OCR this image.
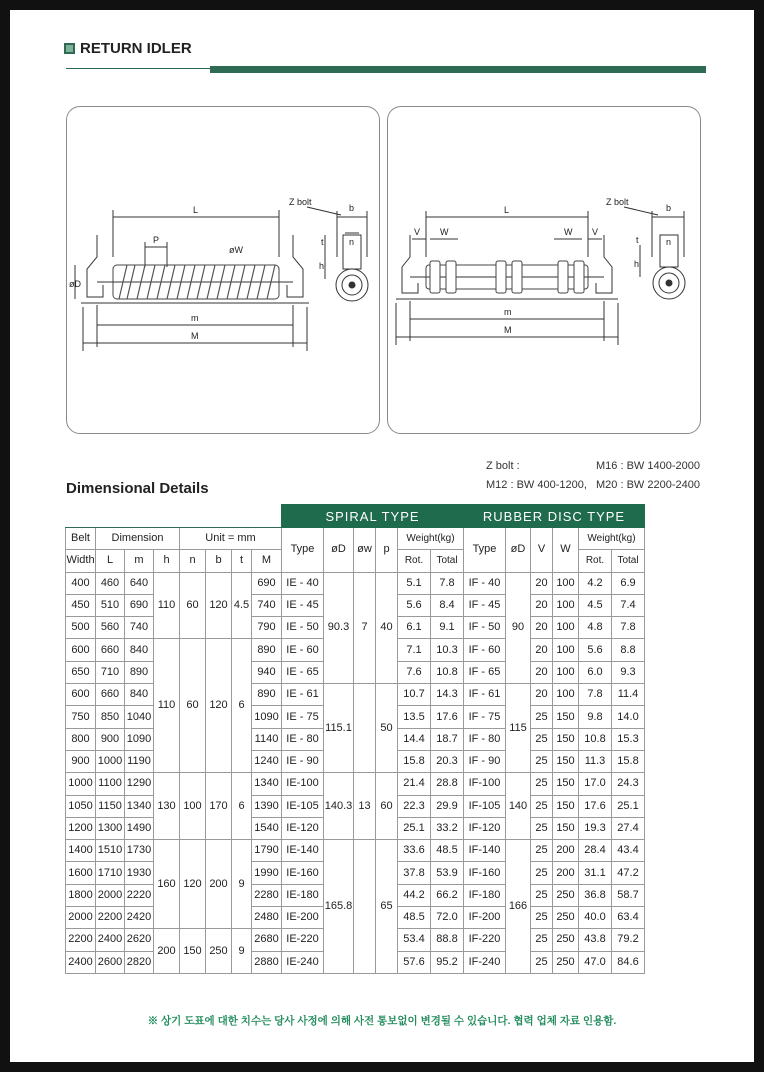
RETURN IDLER
L
P
øW
øD
m
M
Z bolt
b
n
h
t
L
W	W
V	V
m
M
Z bolt
b
n
h
t
Dimensional Details
Z bolt :	M16 : BW 1400-2000
M12 : BW 400-1200, M20 : BW 2200-2400
								SPIRAL TYPE						RUBBER DISC TYPE					
Belt	Dimension			Unit = mm				Type	øD	øw	p	Weight(kg)		Type	øD	V	W	Weight(kg)	
Width	L	m	h	n	b	t	M					Rot.	Total					Rot.	Total
400	460	640	110	60	120	4.5	690	IE - 40	90.3	7	40	5.1	7.8	IF - 40	90	20	100	4.2	6.9
450	510	690					740	IE - 45				5.6	8.4	IF - 45		20	100	4.5	7.4
500	560	740					790	IE - 50				6.1	9.1	IF - 50		20	100	4.8	7.8
600	660	840	110	60	120	6	890	IE - 60				7.1	10.3	IF - 60		20	100	5.6	8.8
650	710	890					940	IE - 65				7.6	10.8	IF - 65		20	100	6.0	9.3
600	660	840					890	IE - 61	115.1		50	10.7	14.3	IF - 61	115	20	100	7.8	11.4
750	850	1040					1090	IE - 75				13.5	17.6	IF - 75		25	150	9.8	14.0
800	900	1090					1140	IE - 80				14.4	18.7	IF - 80		25	150	10.8	15.3
900	1000	1190					1240	IE - 90				15.8	20.3	IF - 90		25	150	11.3	15.8
1000	1100	1290	130	100	170	6	1340	IE-100	140.3	13	60	21.4	28.8	IF-100	140	25	150	17.0	24.3
1050	1150	1340					1390	IE-105				22.3	29.9	IF-105		25	150	17.6	25.1
1200	1300	1490					1540	IE-120				25.1	33.2	IF-120		25	150	19.3	27.4
1400	1510	1730	160	120	200	9	1790	IE-140	165.8		65	33.6	48.5	IF-140	166	25	200	28.4	43.4
1600	1710	1930					1990	IE-160				37.8	53.9	IF-160		25	200	31.1	47.2
1800	2000	2220					2280	IE-180				44.2	66.2	IF-180		25	250	36.8	58.7
2000	2200	2420					2480	IE-200				48.5	72.0	IF-200		25	250	40.0	63.4
2200	2400	2620	200	150	250	9	2680	IE-220				53.4	88.8	IF-220		25	250	43.8	79.2
2400	2600	2820					2880	IE-240				57.6	95.2	IF-240		25	250	47.0	84.6
※ 상기 도표에 대한 치수는 당사 사정에 의해 사전 통보없이 변경될 수 있습니다. 협력 업체 자료 인용함.
